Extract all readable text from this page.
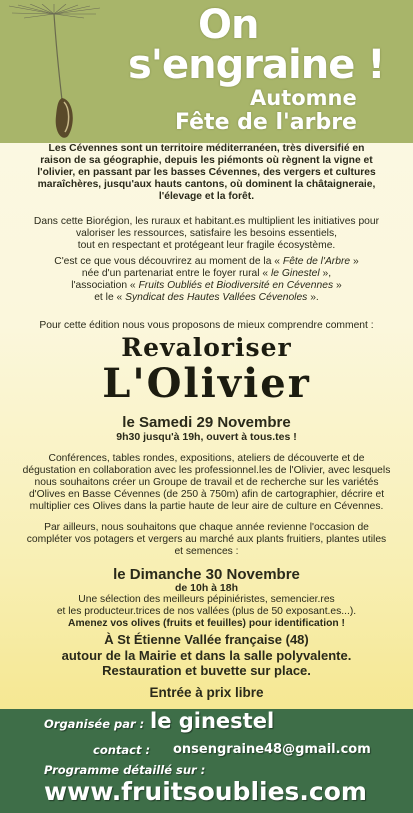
On
s'engraine !
Automne
Fête de l'arbre

Les Cévennes sont un territoire méditerranéen, très diversifié en

raison de sa géographie, depuis les piémonts où règnent la vigne et

l'olivier, en passant par les basses Cévennes, des vergers et cultures

maraîchères, jusqu'aux hauts cantons, où dominent la châtaigneraie,

l'élevage et la forêt.

Dans cette Biorégion, les ruraux et habitant.es multiplient les initiatives pour

valoriser les ressources, satisfaire les besoins essentiels,

tout en respectant et protégeant leur fragile écosystème.

C'est ce que vous découvrirez au moment de la « Fête de l'Arbre »

née d'un partenariat entre le foyer rural « le Ginestel »,

l'association « Fruits Oubliés et Biodiversité en Cévennes »

et le « Syndicat des Hautes Vallées Cévenoles ».

Pour cette édition nous vous proposons de mieux comprendre comment :

Revaloriser
L'Olivier
le Samedi 29 Novembre
9h30 jusqu'à 19h, ouvert à tous.tes !

Conférences, tables rondes, expositions, ateliers de découverte et de

dégustation en collaboration avec les professionnel.les de l'Olivier, avec lesquels

nous souhaitons créer un Groupe de travail et de recherche sur les variétés

d'Olives en Basse Cévennes (de 250 à 750m) afin de cartographier, décrire et

multiplier ces Olives dans la partie haute de leur aire de culture en Cévennes.

Par ailleurs, nous souhaitons que chaque année revienne l'occasion de

compléter vos potagers et vergers au marché aux plants fruitiers, plantes utiles

et semences :

le Dimanche 30 Novembre
de 10h à 18h

Une sélection des meilleurs pépiniéristes, semencier.res

et les producteur.trices de nos vallées (plus de 50 exposant.es...).

Amenez vos olives (fruits et feuilles) pour identification !

À St Étienne Vallée française (48)
autour de la Mairie et dans la salle polyvalente.
Restauration et buvette sur place.
Entrée à prix libre
Organisée par : le ginestel
contact : onsengraine48@gmail.com
Programme détaillé sur :
www.fruitsoublies.com
